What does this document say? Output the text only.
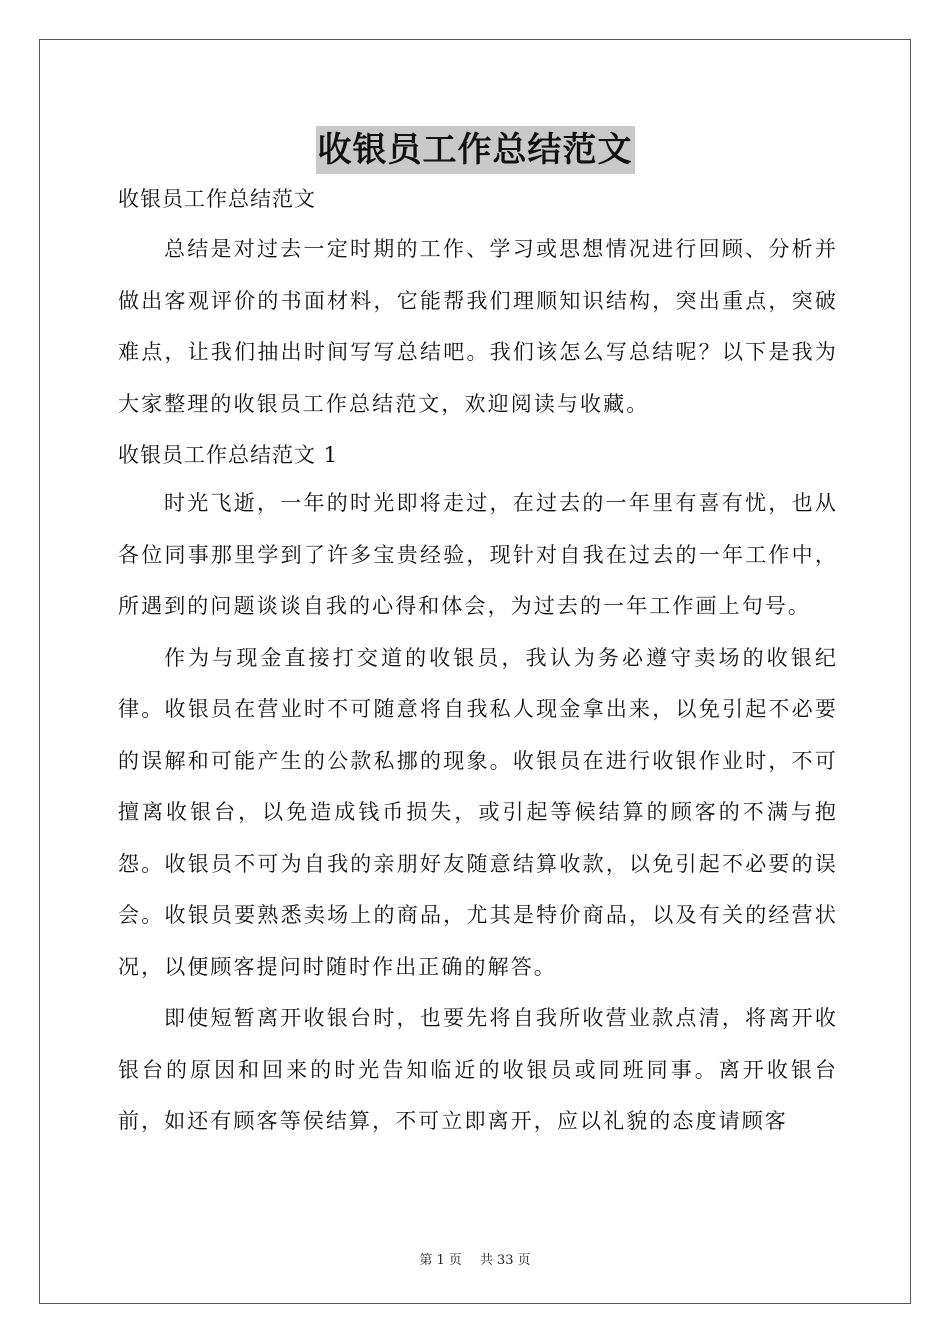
收银员工作总结范文

收银员工作总结范文

总结是对过去一定时期的工作、学习或思想情况进行回顾、分析并做出客观评价的书面材料，它能帮我们理顺知识结构，突出重点，突破难点，让我们抽出时间写写总结吧。我们该怎么写总结呢？以下是我为大家整理的收银员工作总结范文，欢迎阅读与收藏。

收银员工作总结范文 1

时光飞逝，一年的时光即将走过，在过去的一年里有喜有忧，也从各位同事那里学到了许多宝贵经验，现针对自我在过去的一年工作中，所遇到的问题谈谈自我的心得和体会，为过去的一年工作画上句号。

作为与现金直接打交道的收银员，我认为务必遵守卖场的收银纪律。收银员在营业时不可随意将自我私人现金拿出来，以免引起不必要的误解和可能产生的公款私挪的现象。收银员在进行收银作业时，不可擅离收银台，以免造成钱币损失，或引起等候结算的顾客的不满与抱怨。收银员不可为自我的亲朋好友随意结算收款，以免引起不必要的误会。收银员要熟悉卖场上的商品，尤其是特价商品，以及有关的经营状况，以便顾客提问时随时作出正确的解答。

即使短暂离开收银台时，也要先将自我所收营业款点清，将离开收银台的原因和回来的时光告知临近的收银员或同班同事。离开收银台前，如还有顾客等侯结算，不可立即离开，应以礼貌的态度请顾客

第 1 页 共 33 页
